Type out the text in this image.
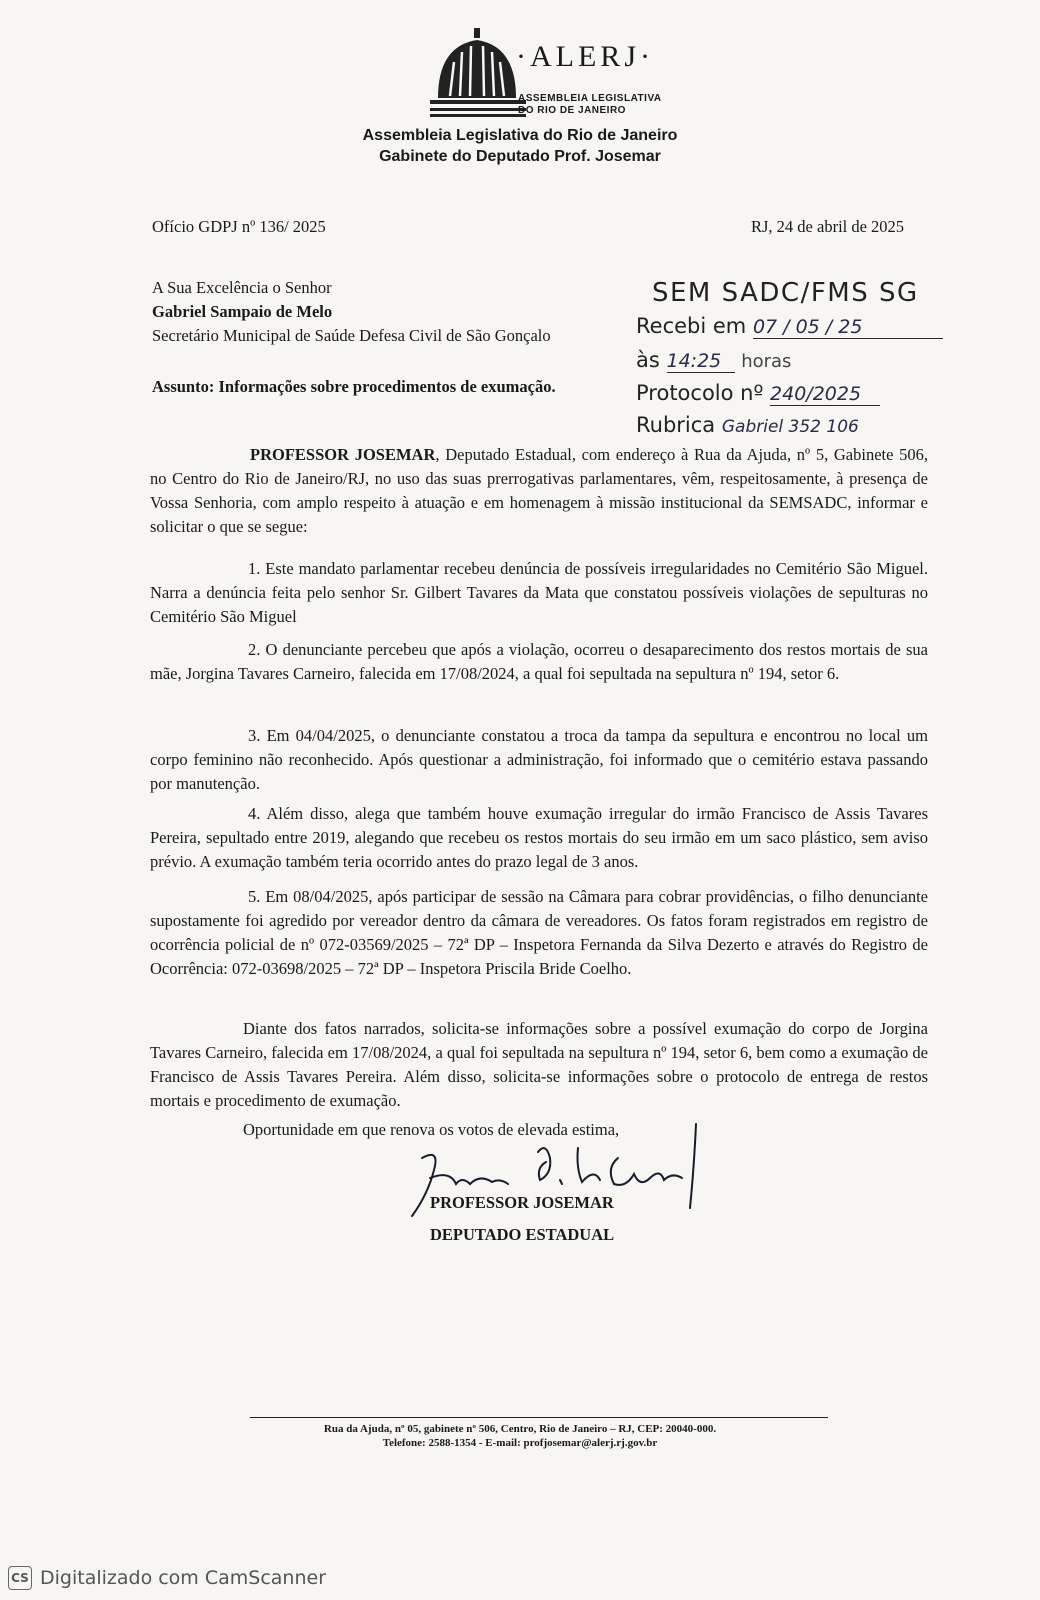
·ALERJ·
ASSEMBLEIA LEGISLATIVA
DO RIO DE JANEIRO
Assembleia Legislativa do Rio de Janeiro
Gabinete do Deputado Prof. Josemar
Ofício GDPJ nº 136/ 2025	RJ, 24 de abril de 2025
A Sua Excelência o Senhor
Gabriel Sampaio de Melo
Secretário Municipal de Saúde Defesa Civil de São Gonçalo
Assunto: Informações sobre procedimentos de exumação.
SEM SADC/FMS SG
Recebi em 07 / 05 / 25
às 14:25 horas
Protocolo nº 240/2025
Rubrica Gabriel 352 106
PROFESSOR JOSEMAR, Deputado Estadual, com endereço à Rua da Ajuda, nº 5, Gabinete 506, no Centro do Rio de Janeiro/RJ, no uso das suas prerrogativas parlamentares, vêm, respeitosamente, à presença de Vossa Senhoria, com amplo respeito à atuação e em homenagem à missão institucional da SEMSADC, informar e solicitar o que se segue:
1. Este mandato parlamentar recebeu denúncia de possíveis irregularidades no Cemitério São Miguel. Narra a denúncia feita pelo senhor Sr. Gilbert Tavares da Mata que constatou possíveis violações de sepulturas no Cemitério São Miguel
2. O denunciante percebeu que após a violação, ocorreu o desaparecimento dos restos mortais de sua mãe, Jorgina Tavares Carneiro, falecida em 17/08/2024, a qual foi sepultada na sepultura nº 194, setor 6.
3. Em 04/04/2025, o denunciante constatou a troca da tampa da sepultura e encontrou no local um corpo feminino não reconhecido. Após questionar a administração, foi informado que o cemitério estava passando por manutenção.
4. Além disso, alega que também houve exumação irregular do irmão Francisco de Assis Tavares Pereira, sepultado entre 2019, alegando que recebeu os restos mortais do seu irmão em um saco plástico, sem aviso prévio. A exumação também teria ocorrido antes do prazo legal de 3 anos.
5. Em 08/04/2025, após participar de sessão na Câmara para cobrar providências, o filho denunciante supostamente foi agredido por vereador dentro da câmara de vereadores. Os fatos foram registrados em registro de ocorrência policial de nº 072-03569/2025 – 72ª DP – Inspetora Fernanda da Silva Dezerto e através do Registro de Ocorrência: 072-03698/2025 – 72ª DP – Inspetora Priscila Bride Coelho.
Diante dos fatos narrados, solicita-se informações sobre a possível exumação do corpo de Jorgina Tavares Carneiro, falecida em 17/08/2024, a qual foi sepultada na sepultura nº 194, setor 6, bem como a exumação de Francisco de Assis Tavares Pereira. Além disso, solicita-se informações sobre o protocolo de entrega de restos mortais e procedimento de exumação.
Oportunidade em que renova os votos de elevada estima,
PROFESSOR JOSEMAR
DEPUTADO ESTADUAL
Rua da Ajuda, nº 05, gabinete nº 506, Centro, Rio de Janeiro – RJ, CEP: 20040-000.
Telefone: 2588-1354 - E-mail: profjosemar@alerj.rj.gov.br
CS Digitalizado com CamScanner
